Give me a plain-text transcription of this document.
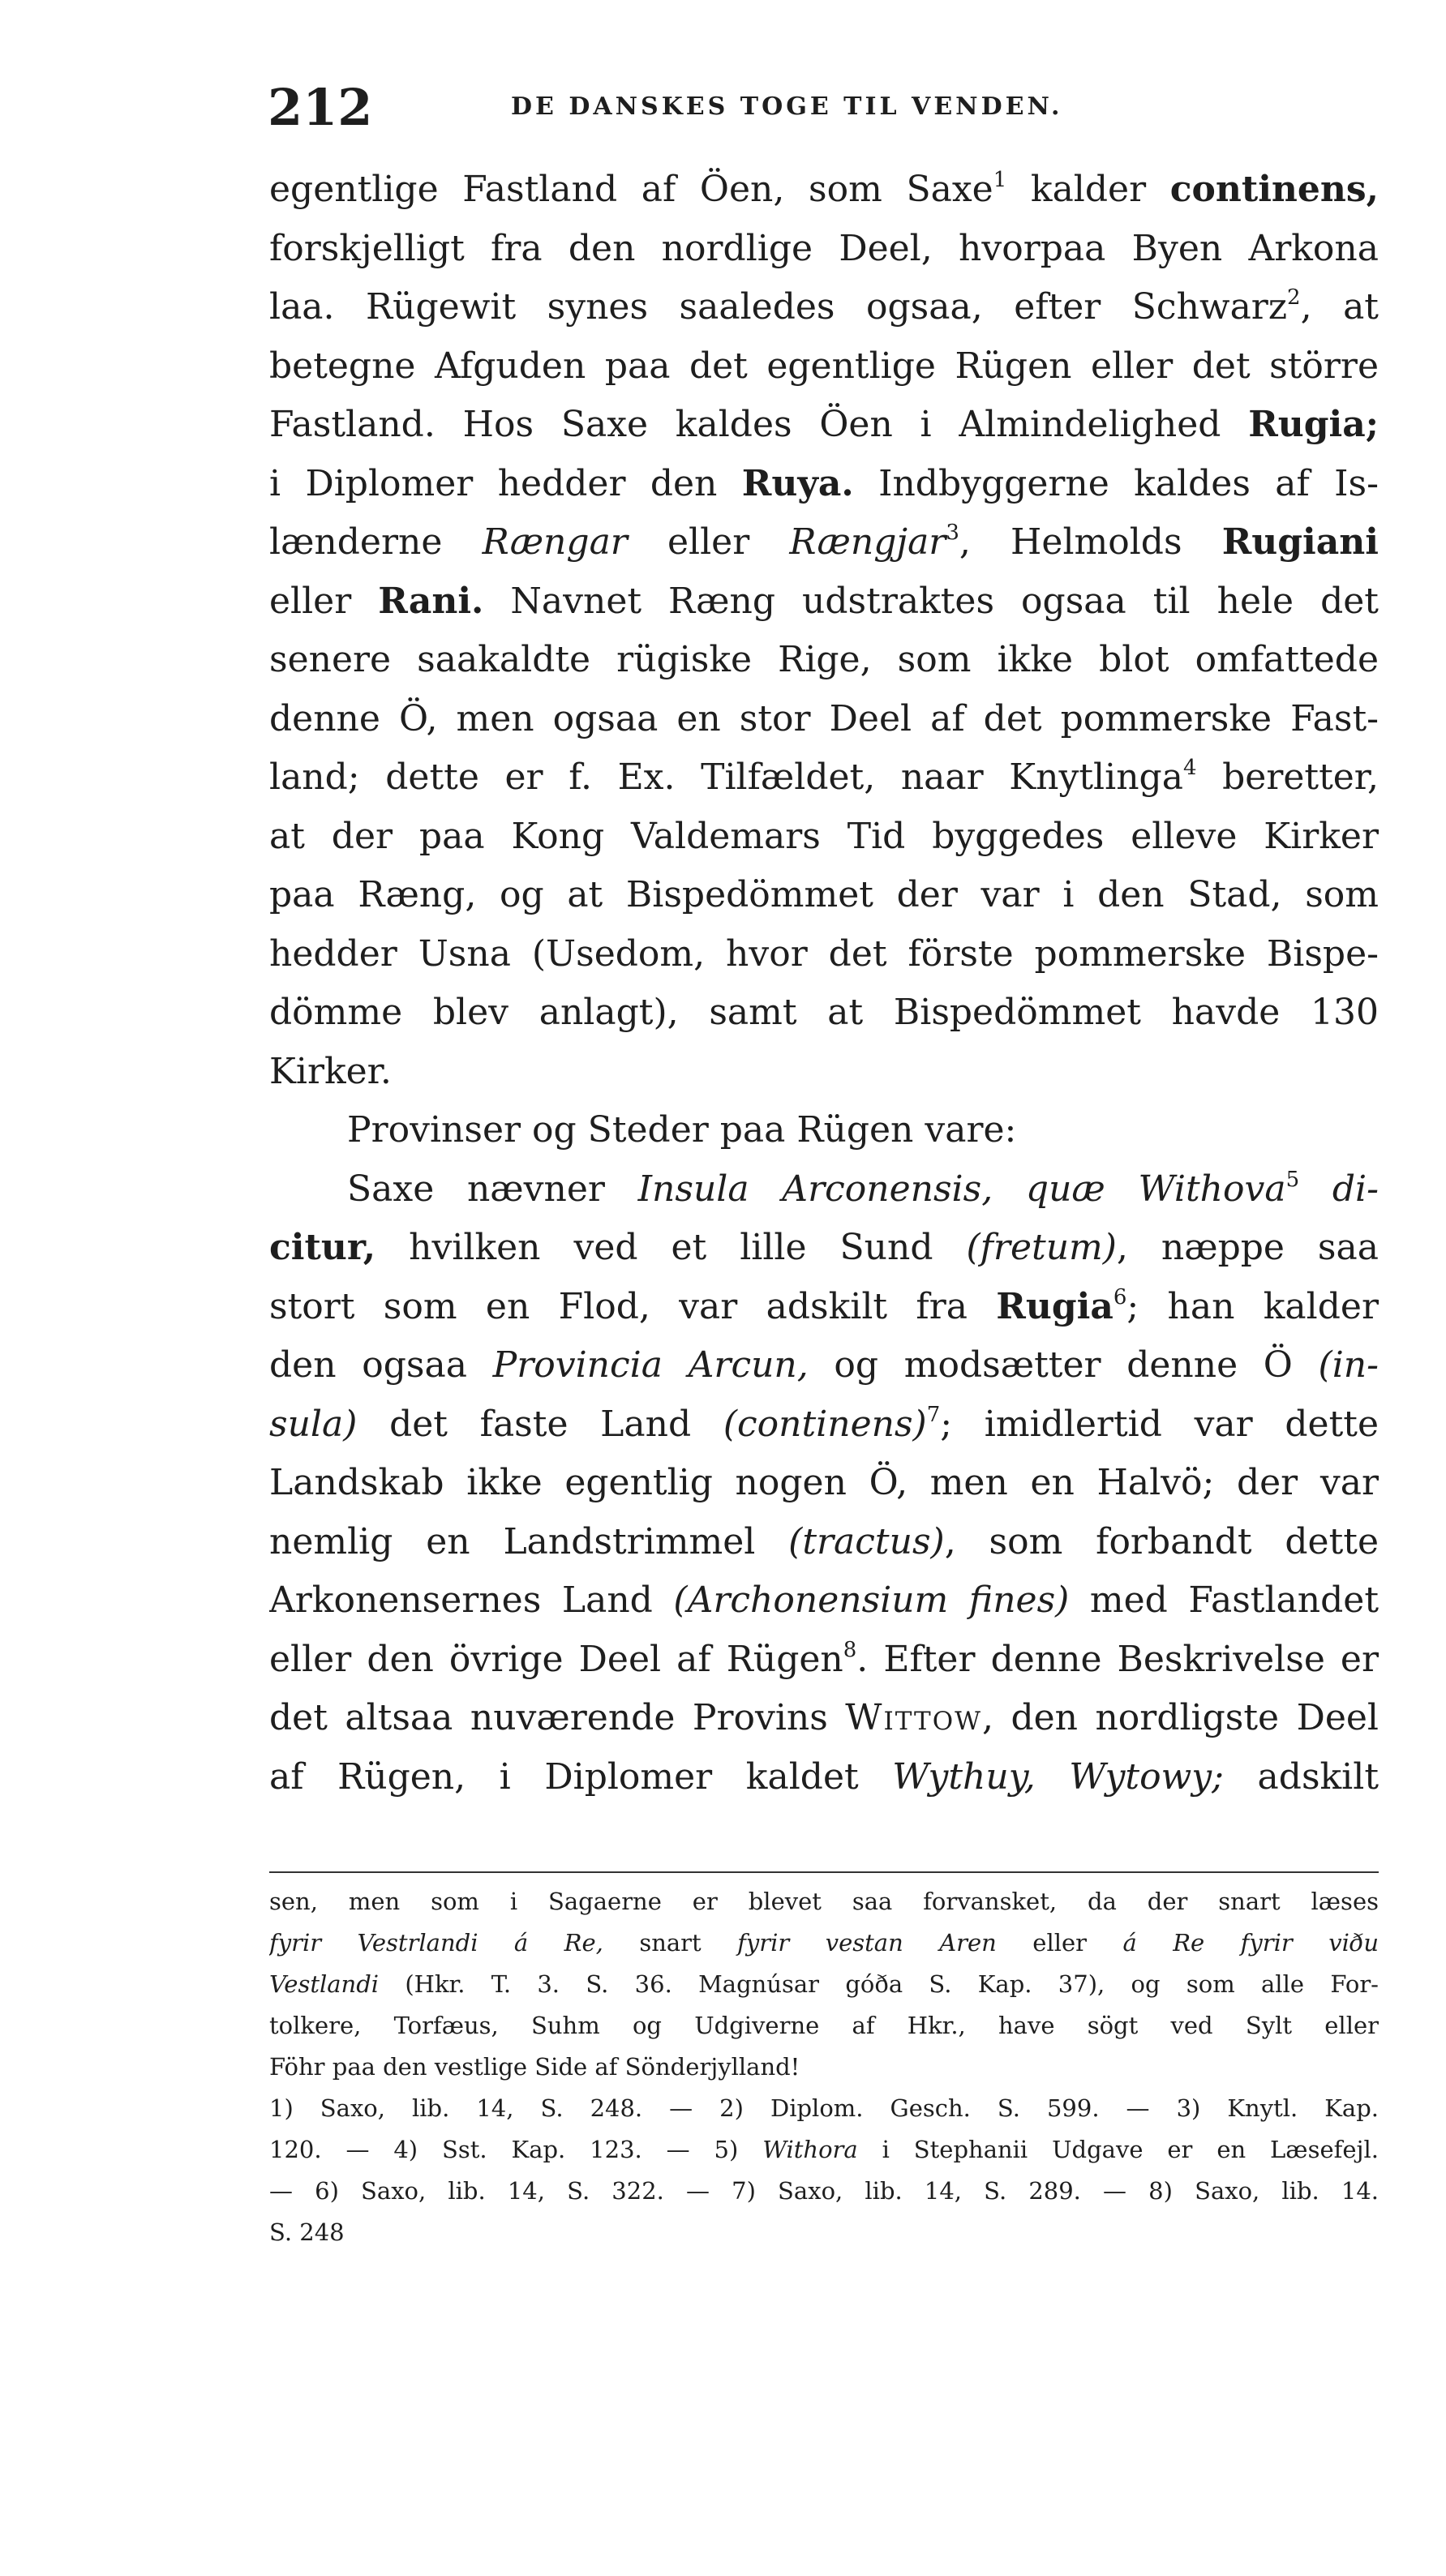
212	DE DANSKES TOGE TIL VENDEN.
egentlige Fastland af Öen, som Saxe$^1$ kalder continens,
forskjelligt fra den nordlige Deel, hvorpaa Byen Arkona
laa. Rügewit synes saaledes ogsaa, efter Schwarz$^2$, at
betegne Afguden paa det egentlige Rügen eller det större
Fastland. Hos Saxe kaldes Öen i Almindelighed Rugia;
i Diplomer hedder den Ruya. Indbyggerne kaldes af Is-
lænderne Rængar eller Rængjar$^3$, Helmolds Rugiani
eller Rani. Navnet Ræng udstraktes ogsaa til hele det
senere saakaldte rügiske Rige, som ikke blot omfattede
denne Ö, men ogsaa en stor Deel af det pommerske Fast-
land; dette er f. Ex. Tilfældet, naar Knytlinga$^4$ beretter,
at der paa Kong Valdemars Tid byggedes elleve Kirker
paa Ræng, og at Bispedömmet der var i den Stad, som
hedder Usna (Usedom, hvor det förste pommerske Bispe-
dömme blev anlagt), samt at Bispedömmet havde 130
Kirker.
Provinser og Steder paa Rügen vare:
Saxe nævner Insula Arconensis, quæ Withova$^5$ di-
citur, hvilken ved et lille Sund (fretum), næppe saa
stort som en Flod, var adskilt fra Rugia$^6$; han kalder
den ogsaa Provincia Arcun, og modsætter denne Ö (in-
sula) det faste Land (continens)$^7$; imidlertid var dette
Landskab ikke egentlig nogen Ö, men en Halvö; der var
nemlig en Landstrimmel (tractus), som forbandt dette
Arkonensernes Land (Archonensium fines) med Fastlandet
eller den övrige Deel af Rügen$^8$. Efter denne Beskrivelse er
det altsaa nuværende Provins Wittow, den nordligste Deel
af Rügen, i Diplomer kaldet Wythuy, Wytowy; adskilt
sen, men som i Sagaerne er blevet saa forvansket, da der snart læses
fyrir Vestrlandi á Re, snart fyrir vestan Aren eller á Re fyrir viðu
Vestlandi (Hkr. T. 3. S. 36. Magnúsar góða S. Kap. 37), og som alle For-
tolkere, Torfæus, Suhm og Udgiverne af Hkr., have sögt ved Sylt eller
Föhr paa den vestlige Side af Sönderjylland!
1) Saxo, lib. 14, S. 248. — 2) Diplom. Gesch. S. 599. — 3) Knytl. Kap.
120. — 4) Sst. Kap. 123. — 5) Withora i Stephanii Udgave er en Læsefejl.
— 6) Saxo, lib. 14, S. 322. — 7) Saxo, lib. 14, S. 289. — 8) Saxo, lib. 14.
S. 248
